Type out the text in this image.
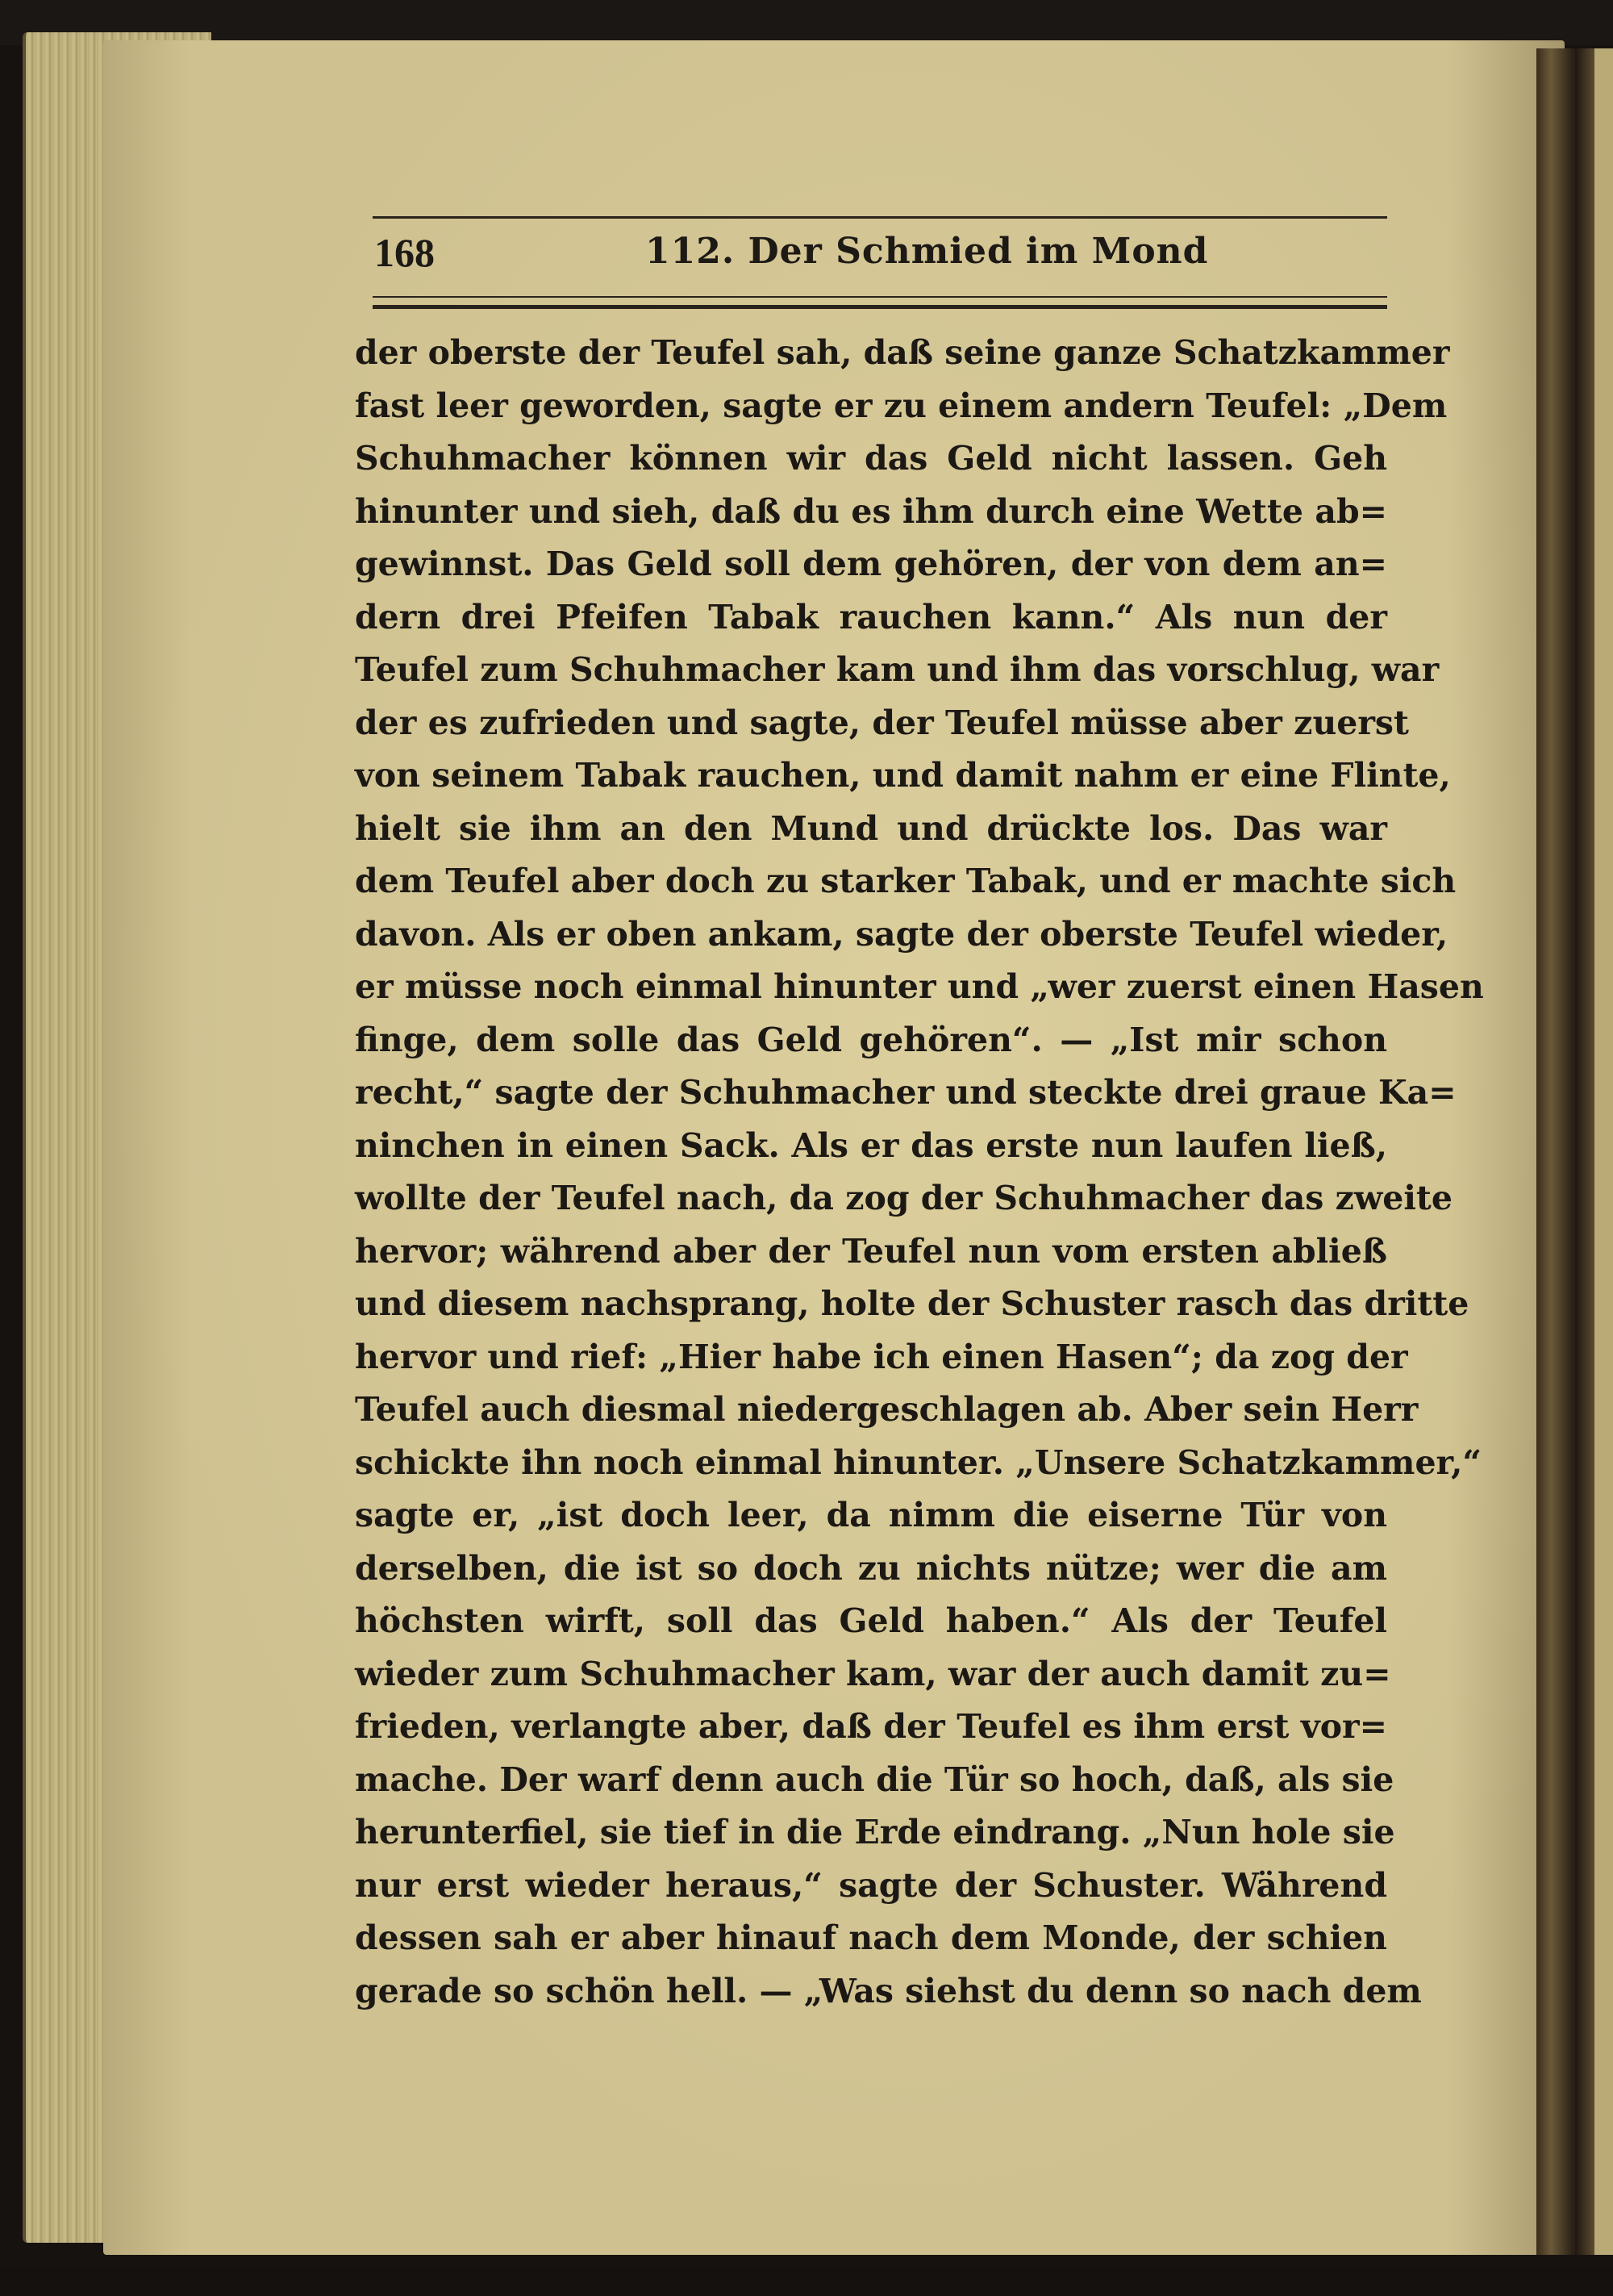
168	112. Der Schmied im Mond
der oberste der Teufel sah, daß seine ganze Schatzkammer
fast leer geworden, sagte er zu einem andern Teufel: „Dem
Schuhmacher können wir das Geld nicht lassen. Geh
hinunter und sieh, daß du es ihm durch eine Wette ab=
gewinnst. Das Geld soll dem gehören, der von dem an=
dern drei Pfeifen Tabak rauchen kann.“ Als nun der
Teufel zum Schuhmacher kam und ihm das vorschlug, war
der es zufrieden und sagte, der Teufel müsse aber zuerst
von seinem Tabak rauchen, und damit nahm er eine Flinte,
hielt sie ihm an den Mund und drückte los. Das war
dem Teufel aber doch zu starker Tabak, und er machte sich
davon. Als er oben ankam, sagte der oberste Teufel wieder,
er müsse noch einmal hinunter und „wer zuerst einen Hasen
finge, dem solle das Geld gehören“. — „Ist mir schon
recht,“ sagte der Schuhmacher und steckte drei graue Ka=
ninchen in einen Sack. Als er das erste nun laufen ließ,
wollte der Teufel nach, da zog der Schuhmacher das zweite
hervor; während aber der Teufel nun vom ersten abließ
und diesem nachsprang, holte der Schuster rasch das dritte
hervor und rief: „Hier habe ich einen Hasen“; da zog der
Teufel auch diesmal niedergeschlagen ab. Aber sein Herr
schickte ihn noch einmal hinunter. „Unsere Schatzkammer,“
sagte er, „ist doch leer, da nimm die eiserne Tür von
derselben, die ist so doch zu nichts nütze; wer die am
höchsten wirft, soll das Geld haben.“ Als der Teufel
wieder zum Schuhmacher kam, war der auch damit zu=
frieden, verlangte aber, daß der Teufel es ihm erst vor=
mache. Der warf denn auch die Tür so hoch, daß, als sie
herunterfiel, sie tief in die Erde eindrang. „Nun hole sie
nur erst wieder heraus,“ sagte der Schuster. Während
dessen sah er aber hinauf nach dem Monde, der schien
gerade so schön hell. — „Was siehst du denn so nach dem
